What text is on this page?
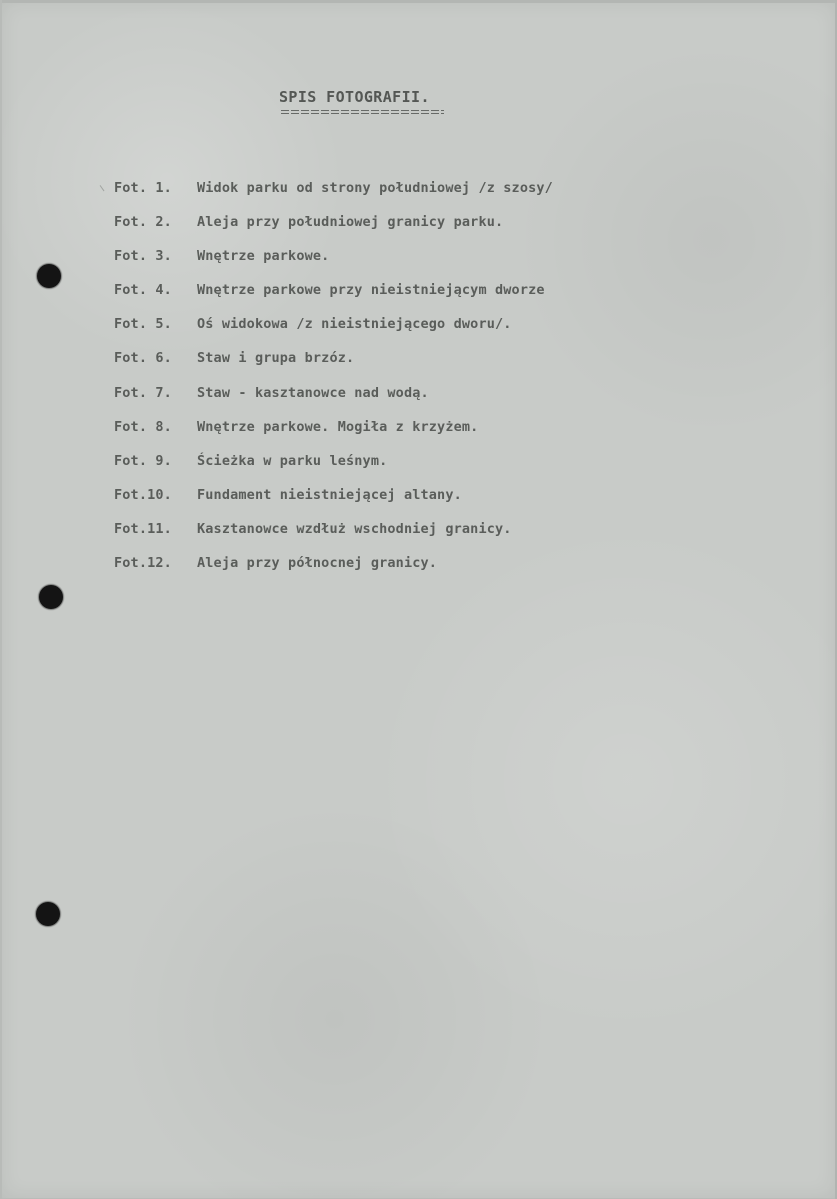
SPIS FOTOGRAFII.
Fot. 1. Widok parku od strony południowej /z szosy/
Fot. 2. Aleja przy południowej granicy parku.
Fot. 3. Wnętrze parkowe.
Fot. 4. Wnętrze parkowe przy nieistniejącym dworze
Fot. 5. Oś widokowa /z nieistniejącego dworu/.
Fot. 6. Staw i grupa brzóz.
Fot. 7. Staw - kasztanowce nad wodą.
Fot. 8. Wnętrze parkowe. Mogiła z krzyżem.
Fot. 9. Ścieżka w parku leśnym.
Fot.10. Fundament nieistniejącej altany.
Fot.11. Kasztanowce wzdłuż wschodniej granicy.
Fot.12. Aleja przy północnej granicy.
